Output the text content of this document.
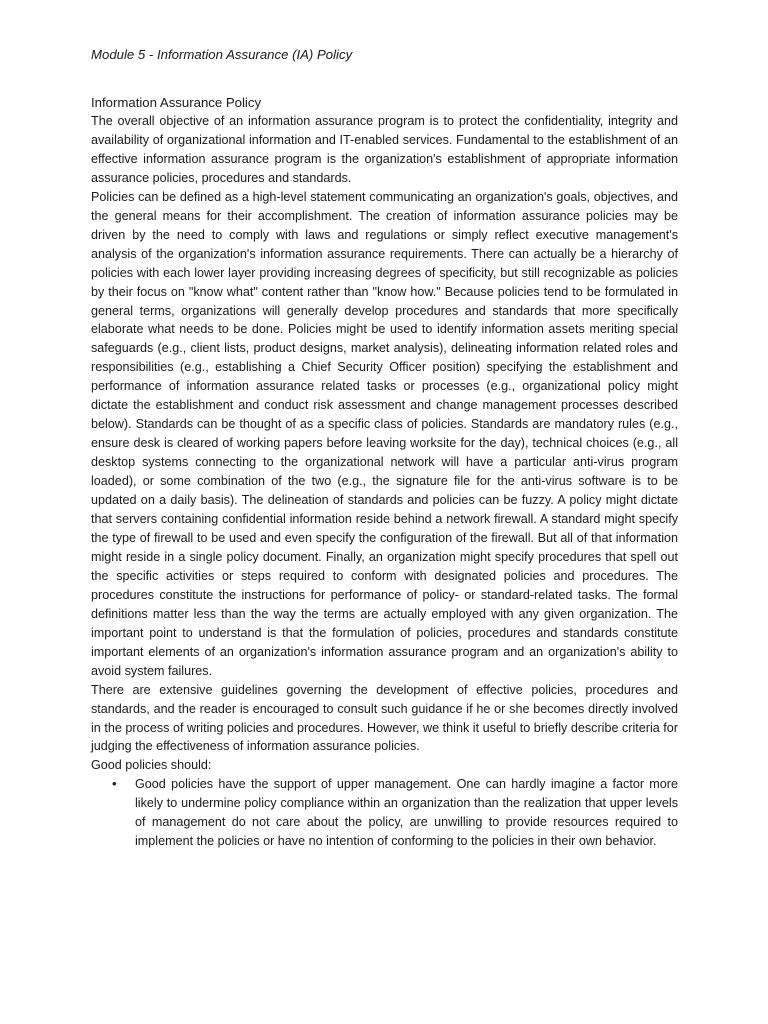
Module 5 - Information Assurance (IA) Policy
Information Assurance Policy

The overall objective of an information assurance program is to protect the confidentiality, integrity and availability of organizational information and IT-enabled services. Fundamental to the establishment of an effective information assurance program is the organization's establishment of appropriate information assurance policies, procedures and standards.

Policies can be defined as a high-level statement communicating an organization's goals, objectives, and the general means for their accomplishment. The creation of information assurance policies may be driven by the need to comply with laws and regulations or simply reflect executive management's analysis of the organization's information assurance requirements. There can actually be a hierarchy of policies with each lower layer providing increasing degrees of specificity, but still recognizable as policies by their focus on "know what" content rather than "know how." Because policies tend to be formulated in general terms, organizations will generally develop procedures and standards that more specifically elaborate what needs to be done. Policies might be used to identify information assets meriting special safeguards (e.g., client lists, product designs, market analysis), delineating information related roles and responsibilities (e.g., establishing a Chief Security Officer position) specifying the establishment and performance of information assurance related tasks or processes (e.g., organizational policy might dictate the establishment and conduct risk assessment and change management processes described below). Standards can be thought of as a specific class of policies. Standards are mandatory rules (e.g., ensure desk is cleared of working papers before leaving worksite for the day), technical choices (e.g., all desktop systems connecting to the organizational network will have a particular anti-virus program loaded), or some combination of the two (e.g., the signature file for the anti-virus software is to be updated on a daily basis). The delineation of standards and policies can be fuzzy. A policy might dictate that servers containing confidential information reside behind a network firewall. A standard might specify the type of firewall to be used and even specify the configuration of the firewall. But all of that information might reside in a single policy document. Finally, an organization might specify procedures that spell out the specific activities or steps required to conform with designated policies and procedures. The procedures constitute the instructions for performance of policy- or standard-related tasks. The formal definitions matter less than the way the terms are actually employed with any given organization. The important point to understand is that the formulation of policies, procedures and standards constitute important elements of an organization's information assurance program and an organization's ability to avoid system failures.

There are extensive guidelines governing the development of effective policies, procedures and standards, and the reader is encouraged to consult such guidance if he or she becomes directly involved in the process of writing policies and procedures. However, we think it useful to briefly describe criteria for judging the effectiveness of information assurance policies.

Good policies should:
• Good policies have the support of upper management. One can hardly imagine a factor more likely to undermine policy compliance within an organization than the realization that upper levels of management do not care about the policy, are unwilling to provide resources required to implement the policies or have no intention of conforming to the policies in their own behavior.
